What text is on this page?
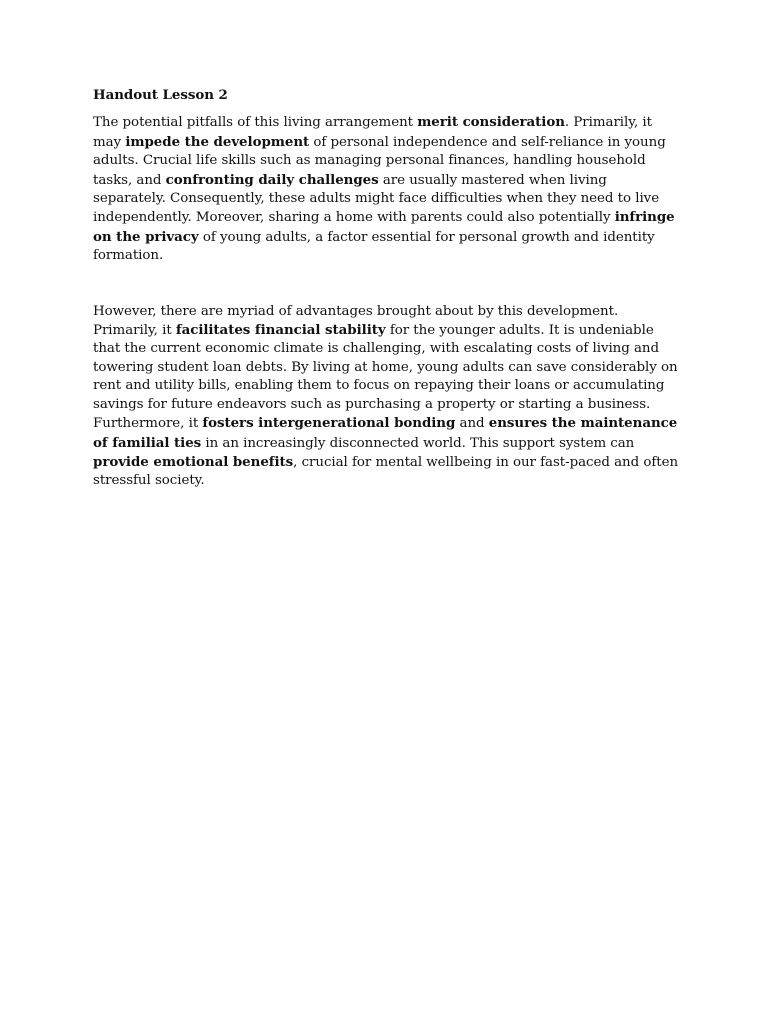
Handout Lesson 2

The potential pitfalls of this living arrangement merit consideration. Primarily, it may impede the development of personal independence and self-reliance in young adults. Crucial life skills such as managing personal finances, handling household tasks, and confronting daily challenges are usually mastered when living separately. Consequently, these adults might face difficulties when they need to live independently. Moreover, sharing a home with parents could also potentially infringe on the privacy of young adults, a factor essential for personal growth and identity formation.

However, there are myriad of advantages brought about by this development. Primarily, it facilitates financial stability for the younger adults. It is undeniable that the current economic climate is challenging, with escalating costs of living and towering student loan debts. By living at home, young adults can save considerably on rent and utility bills, enabling them to focus on repaying their loans or accumulating savings for future endeavors such as purchasing a property or starting a business. Furthermore, it fosters intergenerational bonding and ensures the maintenance of familial ties in an increasingly disconnected world. This support system can provide emotional benefits, crucial for mental wellbeing in our fast-paced and often stressful society.
